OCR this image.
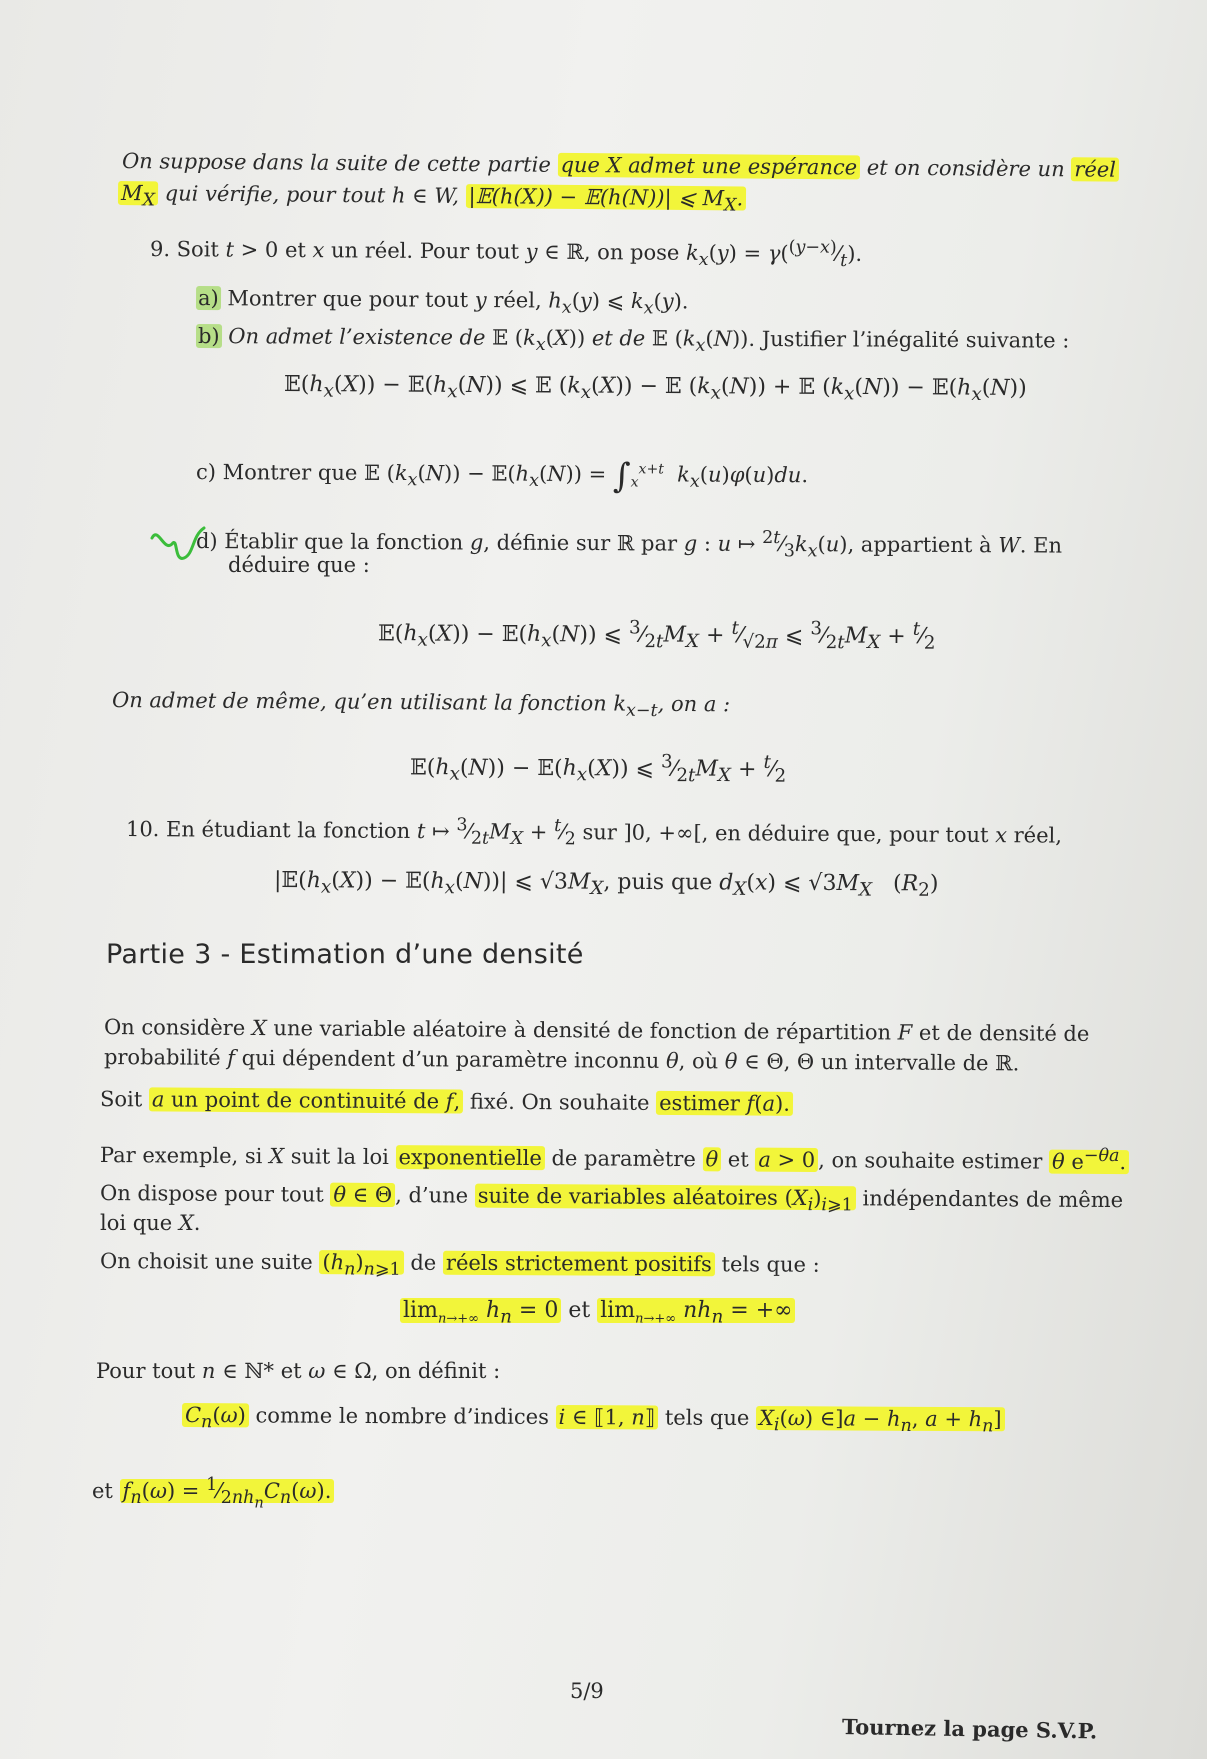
On suppose dans la suite de cette partie que X admet une espérance et on considère un réel
$M_X$ qui vérifie, pour tout h ∈ W, |𝔼(h(X)) − 𝔼(h(N))| ⩽ $M_X$.
9. Soit t > 0 et x un réel. Pour tout y ∈ ℝ, on pose $k_x(y)$ = $\gamma(^{(y-x)}⁄_t)$.
a) Montrer que pour tout y réel, $h_x(y)$ ⩽ $k_x(y)$.
b) On admet l’existence de 𝔼 $(k_x(X))$ et de 𝔼 $(k_x(N))$. Justifier l’inégalité suivante :
$𝔼(h_x(X))$ − $𝔼(h_x(N))$ ⩽ 𝔼 $(k_x(X))$ − 𝔼 $(k_x(N))$ + 𝔼 $(k_x(N))$ − $𝔼(h_x(N))$
c) Montrer que 𝔼 $(k_x(N))$ − $𝔼(h_x(N)) = \int_x^{x+t}$ $k_x(u)\varphi(u)du$.
d) Établir que la fonction g, définie sur ℝ par g : u ↦ $^{2t}⁄_3k_x(u)$, appartient à W. En
déduire que :
$𝔼(h_x(X))$ − $𝔼(h_x(N))$ ⩽ $^3⁄_{2t}M_X$ + $^t⁄_{√2\pi}$ ⩽ $^3⁄_{2t}M_X$ + $^t⁄_2$
On admet de même, qu’en utilisant la fonction $k_{x-t}$, on a :
$𝔼(h_x(N))$ − $𝔼(h_x(X))$ ⩽ $^3⁄_{2t}M_X$ + $^t⁄_2$
10. En étudiant la fonction t ↦ $^3⁄_{2t}M_X$ + $^t⁄_2$ sur ]0, +∞[, en déduire que, pour tout x réel,
$|𝔼(h_x(X))$ − $𝔼(h_x(N))|$ ⩽ $√3M_X$, puis que $d_X(x)$ ⩽ $√3M_X$   $(R_2)$
Partie 3 - Estimation d’une densité
On considère X une variable aléatoire à densité de fonction de répartition F et de densité de
probabilité f qui dépendent d’un paramètre inconnu θ, où θ ∈ Θ, Θ un intervalle de ℝ.
Soit a un point de continuité de f, fixé. On souhaite estimer f(a).
Par exemple, si X suit la loi exponentielle de paramètre θ et a > 0 , on souhaite estimer θ $e^{-\theta a}$.
On dispose pour tout θ ∈ Θ , d’une suite de variables aléatoires $(X_i)_{i⩾1}$ indépendantes de même
loi que X.
On choisit une suite $(h_n)_{n⩾1}$ de réels strictement positifs tels que :
$\lim_{n\to+\infty} h_n = 0$ et $\lim_{n\to+\infty} nh_n$ = +∞
Pour tout n ∈ ℕ* et ω ∈ Ω, on définit :
$C_n(\omega)$ comme le nombre d’indices i ∈ ⟦1, n⟧ tels que $X_i(\omega)$ ∈]a − $h_n$, $a + h_n$]
et $f_n(\omega)$ = $^1⁄_{2nh_n}C_n(\omega)$.
5/9
Tournez la page S.V.P.
